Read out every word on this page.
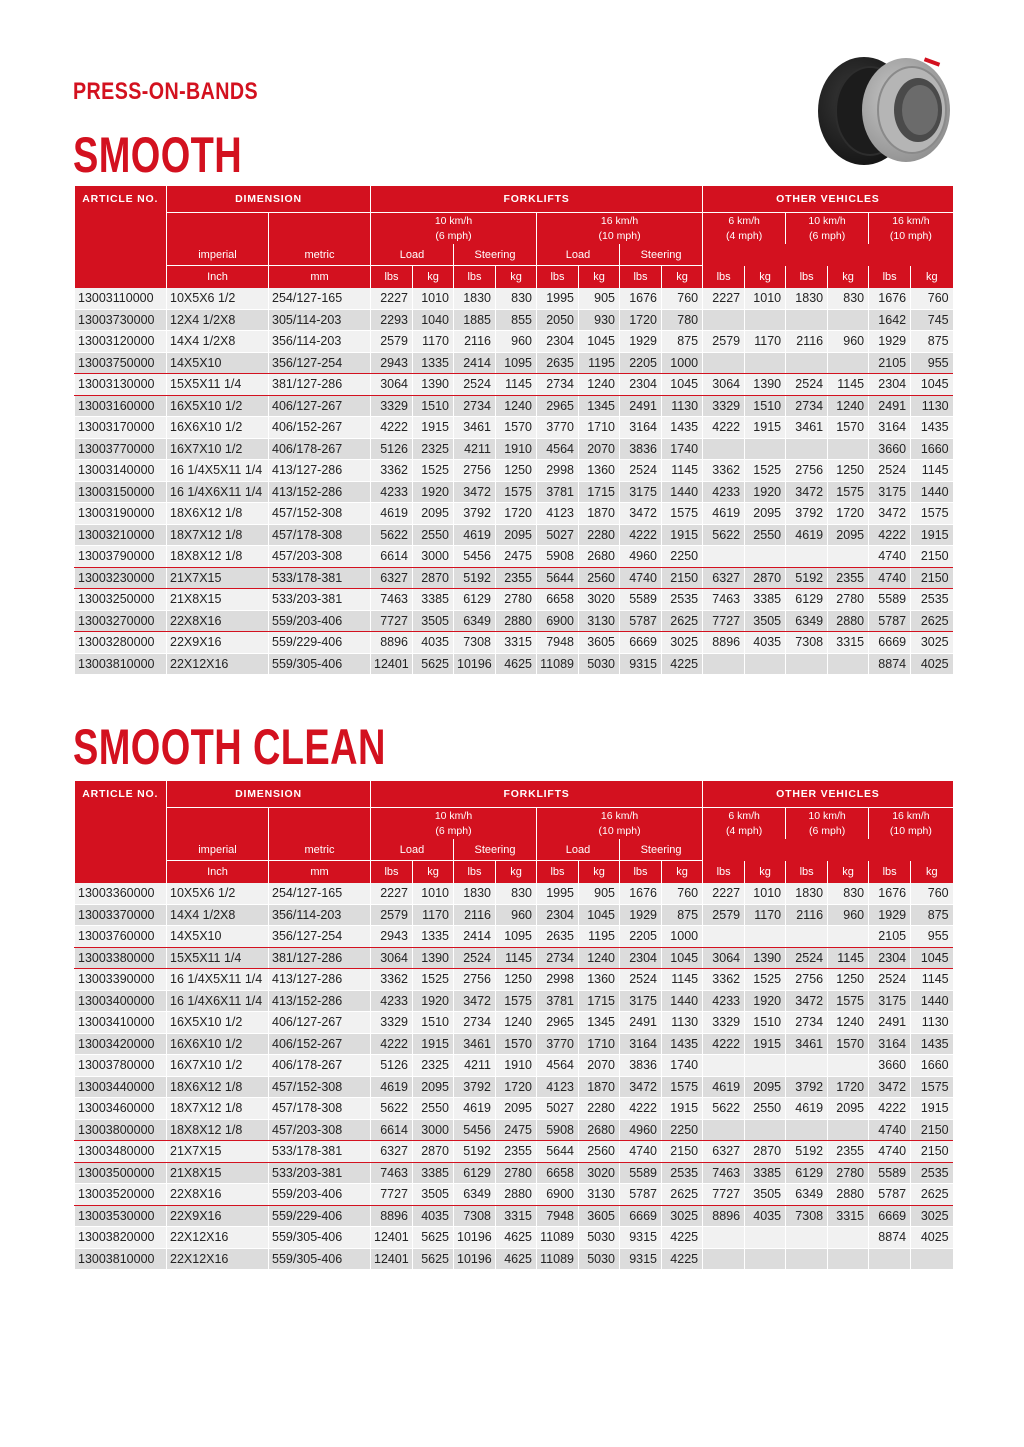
PRESS-ON-BANDS
SMOOTH
ARTICLE NO.	DIMENSION		FORKLIFTS								OTHER VEHICLES					
			10 km/h
(6 mph)				16 km/h
(10 mph)				6 km/h
(4 mph)		10 km/h
(6 mph)		16 km/h
(10 mph)	
	imperial	metric	Load		Steering		Load		Steering							
	Inch	mm	lbs	kg	lbs	kg	lbs	kg	lbs	kg	lbs	kg	lbs	kg	lbs	kg
13003110000	10X5X6 1/2	254/127-165	2227	1010	1830	830	1995	905	1676	760	2227	1010	1830	830	1676	760
13003730000	12X4 1/2X8	305/114-203	2293	1040	1885	855	2050	930	1720	780					1642	745
13003120000	14X4 1/2X8	356/114-203	2579	1170	2116	960	2304	1045	1929	875	2579	1170	2116	960	1929	875
13003750000	14X5X10	356/127-254	2943	1335	2414	1095	2635	1195	2205	1000					2105	955
13003130000	15X5X11 1/4	381/127-286	3064	1390	2524	1145	2734	1240	2304	1045	3064	1390	2524	1145	2304	1045
13003160000	16X5X10 1/2	406/127-267	3329	1510	2734	1240	2965	1345	2491	1130	3329	1510	2734	1240	2491	1130
13003170000	16X6X10 1/2	406/152-267	4222	1915	3461	1570	3770	1710	3164	1435	4222	1915	3461	1570	3164	1435
13003770000	16X7X10 1/2	406/178-267	5126	2325	4211	1910	4564	2070	3836	1740					3660	1660
13003140000	16 1/4X5X11 1/4	413/127-286	3362	1525	2756	1250	2998	1360	2524	1145	3362	1525	2756	1250	2524	1145
13003150000	16 1/4X6X11 1/4	413/152-286	4233	1920	3472	1575	3781	1715	3175	1440	4233	1920	3472	1575	3175	1440
13003190000	18X6X12 1/8	457/152-308	4619	2095	3792	1720	4123	1870	3472	1575	4619	2095	3792	1720	3472	1575
13003210000	18X7X12 1/8	457/178-308	5622	2550	4619	2095	5027	2280	4222	1915	5622	2550	4619	2095	4222	1915
13003790000	18X8X12 1/8	457/203-308	6614	3000	5456	2475	5908	2680	4960	2250					4740	2150
13003230000	21X7X15	533/178-381	6327	2870	5192	2355	5644	2560	4740	2150	6327	2870	5192	2355	4740	2150
13003250000	21X8X15	533/203-381	7463	3385	6129	2780	6658	3020	5589	2535	7463	3385	6129	2780	5589	2535
13003270000	22X8X16	559/203-406	7727	3505	6349	2880	6900	3130	5787	2625	7727	3505	6349	2880	5787	2625
13003280000	22X9X16	559/229-406	8896	4035	7308	3315	7948	3605	6669	3025	8896	4035	7308	3315	6669	3025
13003810000	22X12X16	559/305-406	12401	5625	10196	4625	11089	5030	9315	4225					8874	4025
SMOOTH CLEAN
ARTICLE NO.	DIMENSION		FORKLIFTS								OTHER VEHICLES					
			10 km/h
(6 mph)				16 km/h
(10 mph)				6 km/h
(4 mph)		10 km/h
(6 mph)		16 km/h
(10 mph)	
	imperial	metric	Load		Steering		Load		Steering							
	Inch	mm	lbs	kg	lbs	kg	lbs	kg	lbs	kg	lbs	kg	lbs	kg	lbs	kg
13003360000	10X5X6 1/2	254/127-165	2227	1010	1830	830	1995	905	1676	760	2227	1010	1830	830	1676	760
13003370000	14X4 1/2X8	356/114-203	2579	1170	2116	960	2304	1045	1929	875	2579	1170	2116	960	1929	875
13003760000	14X5X10	356/127-254	2943	1335	2414	1095	2635	1195	2205	1000					2105	955
13003380000	15X5X11 1/4	381/127-286	3064	1390	2524	1145	2734	1240	2304	1045	3064	1390	2524	1145	2304	1045
13003390000	16 1/4X5X11 1/4	413/127-286	3362	1525	2756	1250	2998	1360	2524	1145	3362	1525	2756	1250	2524	1145
13003400000	16 1/4X6X11 1/4	413/152-286	4233	1920	3472	1575	3781	1715	3175	1440	4233	1920	3472	1575	3175	1440
13003410000	16X5X10 1/2	406/127-267	3329	1510	2734	1240	2965	1345	2491	1130	3329	1510	2734	1240	2491	1130
13003420000	16X6X10 1/2	406/152-267	4222	1915	3461	1570	3770	1710	3164	1435	4222	1915	3461	1570	3164	1435
13003780000	16X7X10 1/2	406/178-267	5126	2325	4211	1910	4564	2070	3836	1740					3660	1660
13003440000	18X6X12 1/8	457/152-308	4619	2095	3792	1720	4123	1870	3472	1575	4619	2095	3792	1720	3472	1575
13003460000	18X7X12 1/8	457/178-308	5622	2550	4619	2095	5027	2280	4222	1915	5622	2550	4619	2095	4222	1915
13003800000	18X8X12 1/8	457/203-308	6614	3000	5456	2475	5908	2680	4960	2250					4740	2150
13003480000	21X7X15	533/178-381	6327	2870	5192	2355	5644	2560	4740	2150	6327	2870	5192	2355	4740	2150
13003500000	21X8X15	533/203-381	7463	3385	6129	2780	6658	3020	5589	2535	7463	3385	6129	2780	5589	2535
13003520000	22X8X16	559/203-406	7727	3505	6349	2880	6900	3130	5787	2625	7727	3505	6349	2880	5787	2625
13003530000	22X9X16	559/229-406	8896	4035	7308	3315	7948	3605	6669	3025	8896	4035	7308	3315	6669	3025
13003820000	22X12X16	559/305-406	12401	5625	10196	4625	11089	5030	9315	4225					8874	4025
13003810000	22X12X16	559/305-406	12401	5625	10196	4625	11089	5030	9315	4225						
